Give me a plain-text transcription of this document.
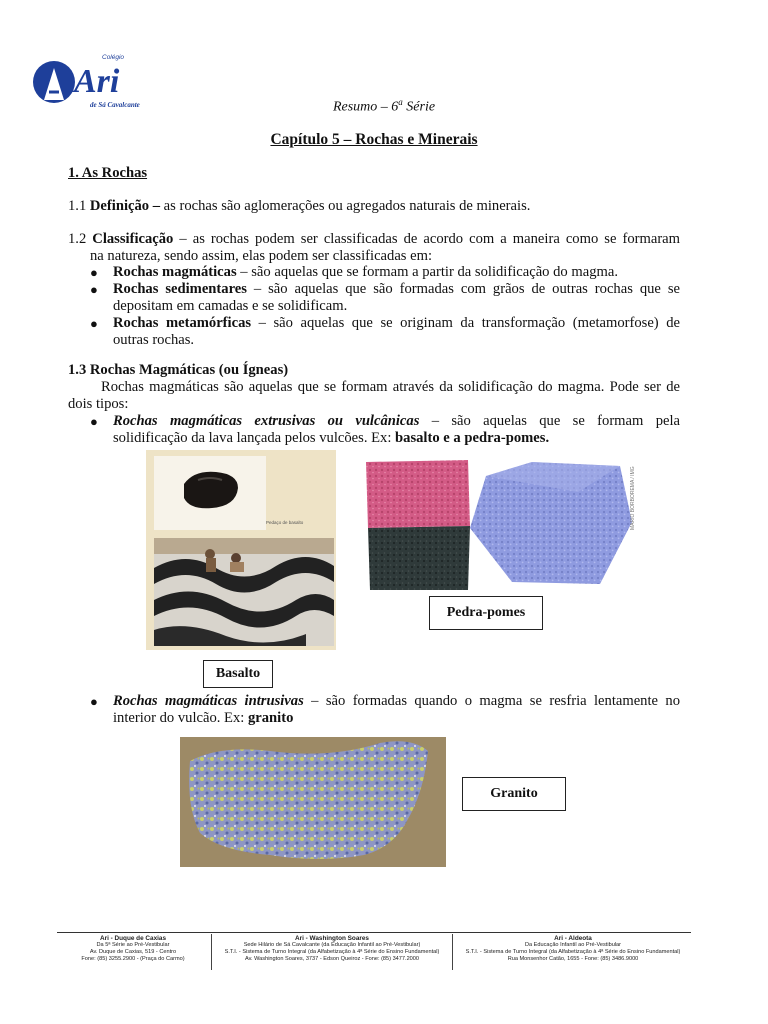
Ari
Colégio
de Sá Cavalcante	Resumo – 6$^a$ Série
Capítulo 5 – Rochas e Minerais
1. As Rochas
1.1 Definição – as rochas são aglomerações ou agregados naturais de minerais.
1.2 Classificação – as rochas podem ser classificadas de acordo com a maneira como se formaram
na natureza, sendo assim, elas podem ser classificadas em:
● Rochas magmáticas – são aquelas que se formam a partir da solidificação do magma.
● Rochas sedimentares – são aquelas que são formadas com grãos de outras rochas que se
depositam em camadas e se solidificam.
● Rochas metamórficas – são aquelas que se originam da transformação (metamorfose) de
outras rochas.
1.3 Rochas Magmáticas (ou Ígneas)
Rochas magmáticas são aquelas que se formam através da solidificação do magma. Pode ser de
dois tipos:
● Rochas magmáticas extrusivas ou vulcânicas – são aquelas que se formam pela
solidificação da lava lançada pelos vulcões. Ex: basalto e a pedra-pomes.
Pedaço de basalto
Basalto
MARIO BORBOREMA / IMG
Pedra-pomes
● Rochas magmáticas intrusivas – são formadas quando o magma se resfria lentamente no
interior do vulcão. Ex: granito
Granito
Ari - Duque de Caxias
Da 5ª Série ao Pré-Vestibular
Av. Duque de Caxias, 519 - Centro
Fone: (85) 3255.2900 - (Praça do Carmo)
Ari - Washington Soares
Sede Hilário de Sá Cavalcante (da Educação Infantil ao Pré-Vestibular)
S.T.I. - Sistema de Turno Integral (da Alfabetização à 4ª Série do Ensino Fundamental)
Av. Washington Soares, 3737 - Edson Queiroz - Fone: (85) 3477.2000
Ari - Aldeota
Da Educação Infantil ao Pré-Vestibular
S.T.I. - Sistema de Turno Integral (da Alfabetização à 4ª Série do Ensino Fundamental)
Rua Monsenhor Catão, 1655 - Fone: (85) 3486.9000
